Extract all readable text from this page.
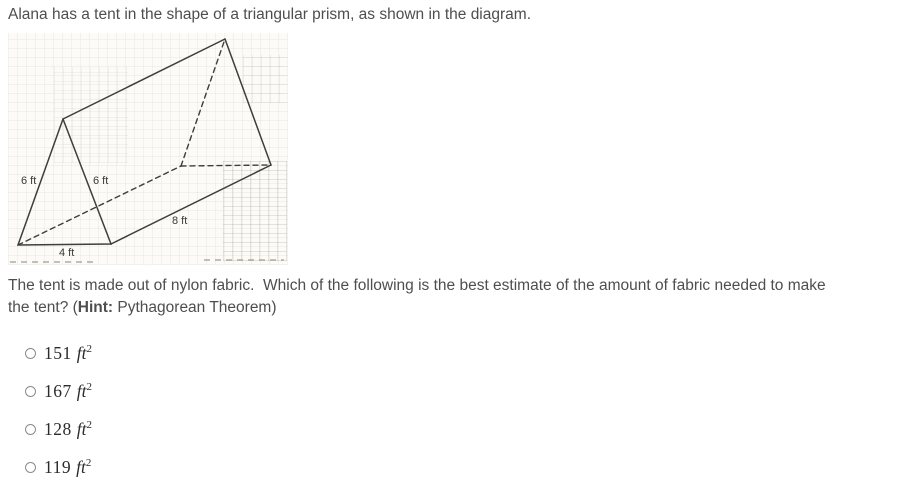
Alana has a tent in the shape of a triangular prism, as shown in the diagram.

6 ft	6 ft
8 ft
4 ft

The tent is made out of nylon fabric.  Which of the following is the best estimate of the amount of fabric needed to make
the tent? (Hint: Pythagorean Theorem)

151 $ft^2$
167 $ft^2$
128 $ft^2$
119 $ft^2$
